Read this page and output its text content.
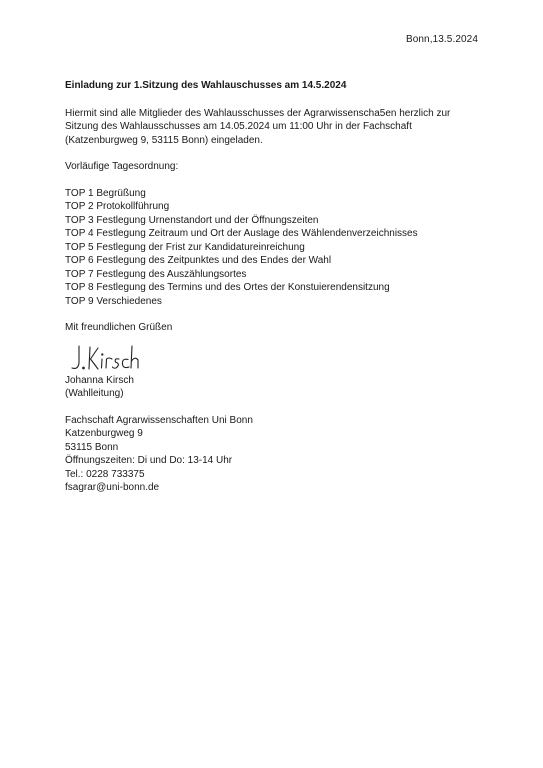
Bonn,13.5.2024

Einladung zur 1.Sitzung des Wahlauschusses am 14.5.2024

Hiermit sind alle Mitglieder des Wahlausschusses der Agrarwissenscha5en herzlich zur Sitzung des Wahlausschusses am 14.05.2024 um 11:00 Uhr in der Fachschaft (Katzenburgweg 9, 53115 Bonn) eingeladen.

Vorläufige Tagesordnung:

TOP 1 Begrüßung
TOP 2 Protokollführung
TOP 3 Festlegung Urnenstandort und der Öffnungszeiten
TOP 4 Festlegung Zeitraum und Ort der Auslage des Wählendenverzeichnisses
TOP 5 Festlegung der Frist zur Kandidatureinreichung
TOP 6 Festlegung des Zeitpunktes und des Endes der Wahl
TOP 7 Festlegung des Auszählungsortes
TOP 8 Festlegung des Termins und des Ortes der Konstuierendensitzung
TOP 9 Verschiedenes

Mit freundlichen Grüßen

Johanna Kirsch
(Wahlleitung)

Fachschaft Agrarwissenschaften Uni Bonn
Katzenburgweg 9
53115 Bonn
Öffnungszeiten: Di und Do: 13-14 Uhr
Tel.: 0228 733375
fsagrar@uni-bonn.de
